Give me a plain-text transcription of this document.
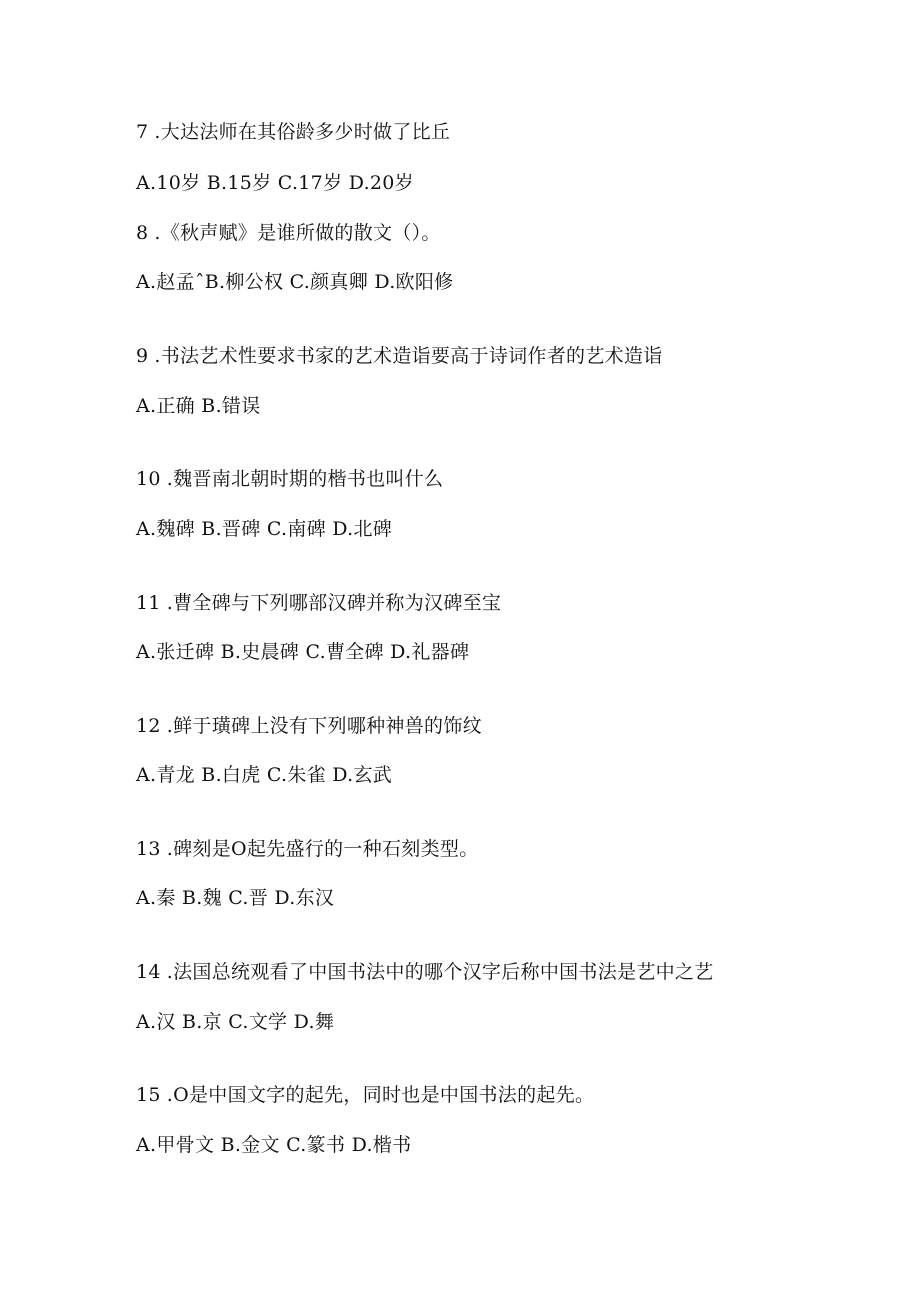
7 .大达法师在其俗龄多少时做了比丘
A.10岁 B.15岁 C.17岁 D.20岁
8 .《秋声赋》是谁所做的散文（）。
A.赵孟ˆB.柳公权 C.颜真卿 D.欧阳修
9 .书法艺术性要求书家的艺术造诣要高于诗词作者的艺术造诣
A.正确 B.错误
10 .魏晋南北朝时期的楷书也叫什么
A.魏碑 B.晋碑 C.南碑 D.北碑
11 .曹全碑与下列哪部汉碑并称为汉碑至宝
A.张迁碑 B.史晨碑 C.曹全碑 D.礼器碑
12 .鲜于璜碑上没有下列哪种神兽的饰纹
A.青龙 B.白虎 C.朱雀 D.玄武
13 .碑刻是O起先盛行的一种石刻类型。
A.秦 B.魏 C.晋 D.东汉
14 .法国总统观看了中国书法中的哪个汉字后称中国书法是艺中之艺
A.汉 B.京 C.文学 D.舞
15 .O是中国文字的起先，同时也是中国书法的起先。
A.甲骨文 B.金文 C.篆书 D.楷书
